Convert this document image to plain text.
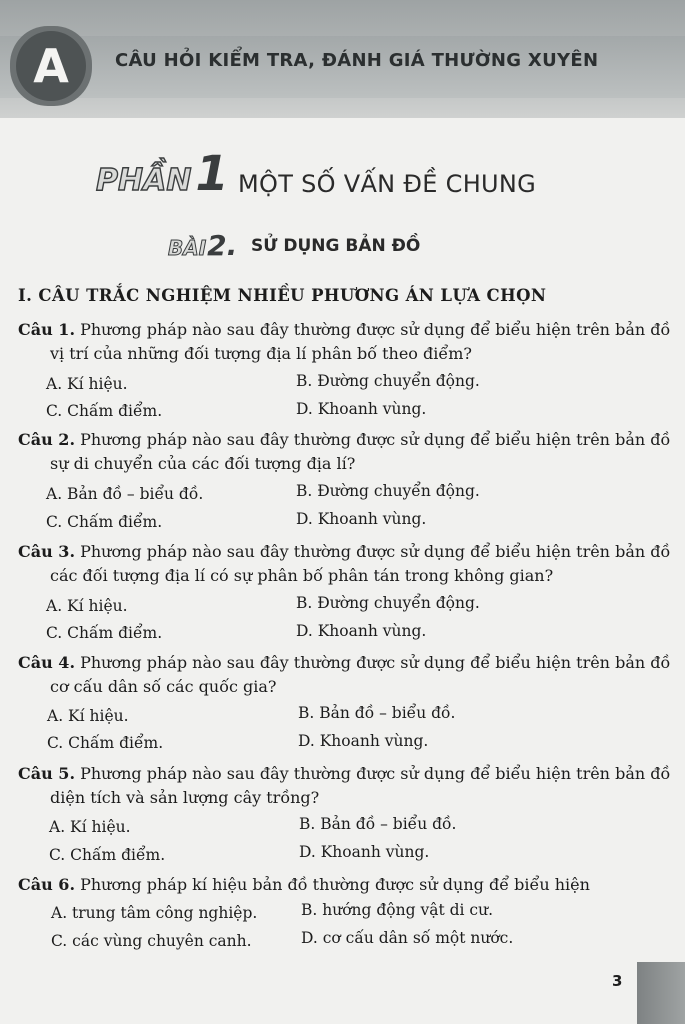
A	CÂU HỎI KIỂM TRA, ĐÁNH GIÁ THƯỜNG XUYÊN
PHẦN1 MỘT SỐ VẤN ĐỀ CHUNG
BÀI2. SỬ DỤNG BẢN ĐỒ
I. CÂU TRẮC NGHIỆM NHIỀU PHƯƠNG ÁN LỰA CHỌN
Câu 1. Phương pháp nào sau đây thường được sử dụng để biểu hiện trên bản đồ
vị trí của những đối tượng địa lí phân bố theo điểm?
A. Kí hiệu.	B. Đường chuyển động.
C. Chấm điểm.	D. Khoanh vùng.
Câu 2. Phương pháp nào sau đây thường được sử dụng để biểu hiện trên bản đồ
sự di chuyển của các đối tượng địa lí?
A. Bản đồ – biểu đồ.	B. Đường chuyển động.
C. Chấm điểm.	D. Khoanh vùng.
Câu 3. Phương pháp nào sau đây thường được sử dụng để biểu hiện trên bản đồ
các đối tượng địa lí có sự phân bố phân tán trong không gian?
A. Kí hiệu.	B. Đường chuyển động.
C. Chấm điểm.	D. Khoanh vùng.
Câu 4. Phương pháp nào sau đây thường được sử dụng để biểu hiện trên bản đồ
cơ cấu dân số các quốc gia?
A. Kí hiệu.	B. Bản đồ – biểu đồ.
C. Chấm điểm.	D. Khoanh vùng.
Câu 5. Phương pháp nào sau đây thường được sử dụng để biểu hiện trên bản đồ
diện tích và sản lượng cây trồng?
A. Kí hiệu.	B. Bản đồ – biểu đồ.
C. Chấm điểm.	D. Khoanh vùng.
Câu 6. Phương pháp kí hiệu bản đồ thường được sử dụng để biểu hiện
A. trung tâm công nghiệp.	B. hướng động vật di cư.
C. các vùng chuyên canh.	D. cơ cấu dân số một nước.
3
